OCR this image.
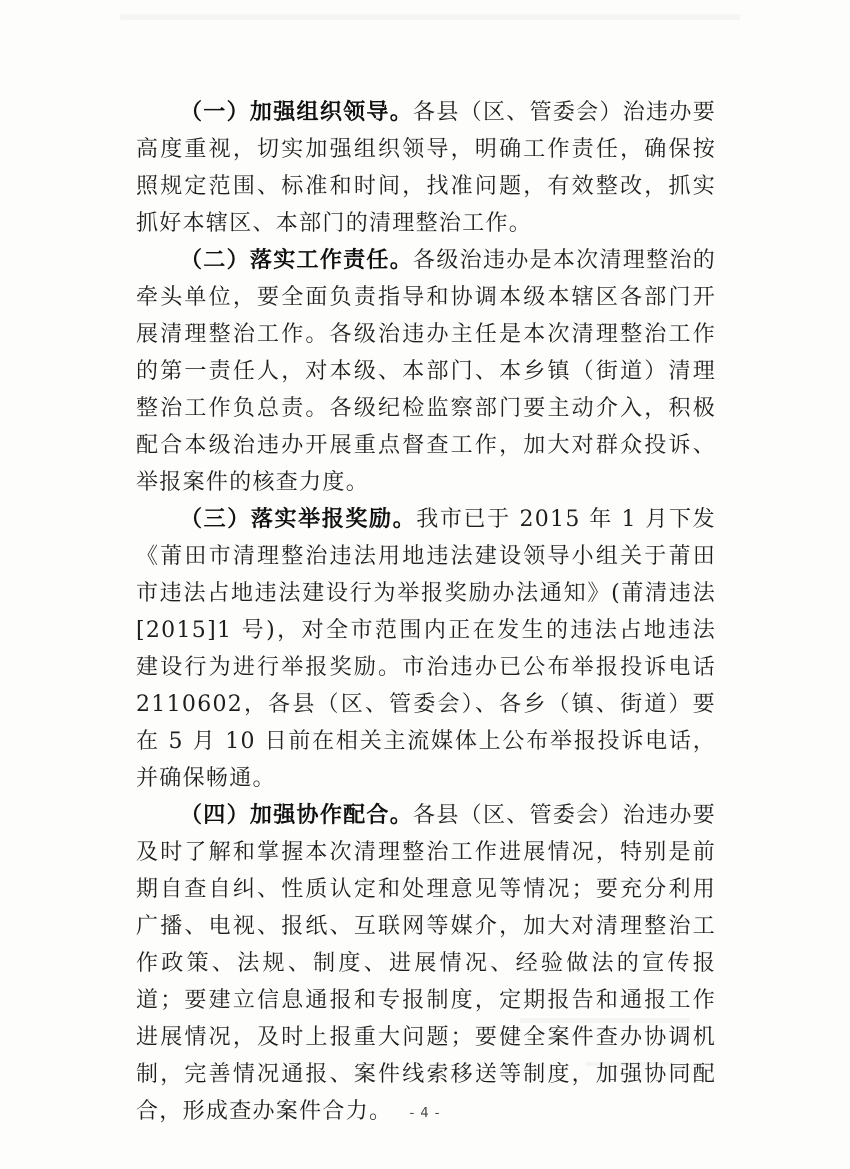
（一）加强组织领导。各县（区、管委会）治违办要高度重视，切实加强组织领导，明确工作责任，确保按照规定范围、标准和时间，找准问题，有效整改，抓实抓好本辖区、本部门的清理整治工作。

（二）落实工作责任。各级治违办是本次清理整治的牵头单位，要全面负责指导和协调本级本辖区各部门开展清理整治工作。各级治违办主任是本次清理整治工作的第一责任人，对本级、本部门、本乡镇（街道）清理整治工作负总责。各级纪检监察部门要主动介入，积极配合本级治违办开展重点督查工作，加大对群众投诉、举报案件的核查力度。

（三）落实举报奖励。我市已于 2015 年 1 月下发《莆田市清理整治违法用地违法建设领导小组关于莆田市违法占地违法建设行为举报奖励办法通知》(莆清违法[2015]1 号)，对全市范围内正在发生的违法占地违法建设行为进行举报奖励。市治违办已公布举报投诉电话 2110602，各县（区、管委会）、各乡（镇、街道）要在 5 月 10 日前在相关主流媒体上公布举报投诉电话，并确保畅通。

（四）加强协作配合。各县（区、管委会）治违办要及时了解和掌握本次清理整治工作进展情况，特别是前期自查自纠、性质认定和处理意见等情况；要充分利用广播、电视、报纸、互联网等媒介，加大对清理整治工作政策、法规、制度、进展情况、经验做法的宣传报道；要建立信息通报和专报制度，定期报告和通报工作进展情况，及时上报重大问题；要健全案件查办协调机制，完善情况通报、案件线索移送等制度，加强协同配合，形成查办案件合力。	- 4 -
